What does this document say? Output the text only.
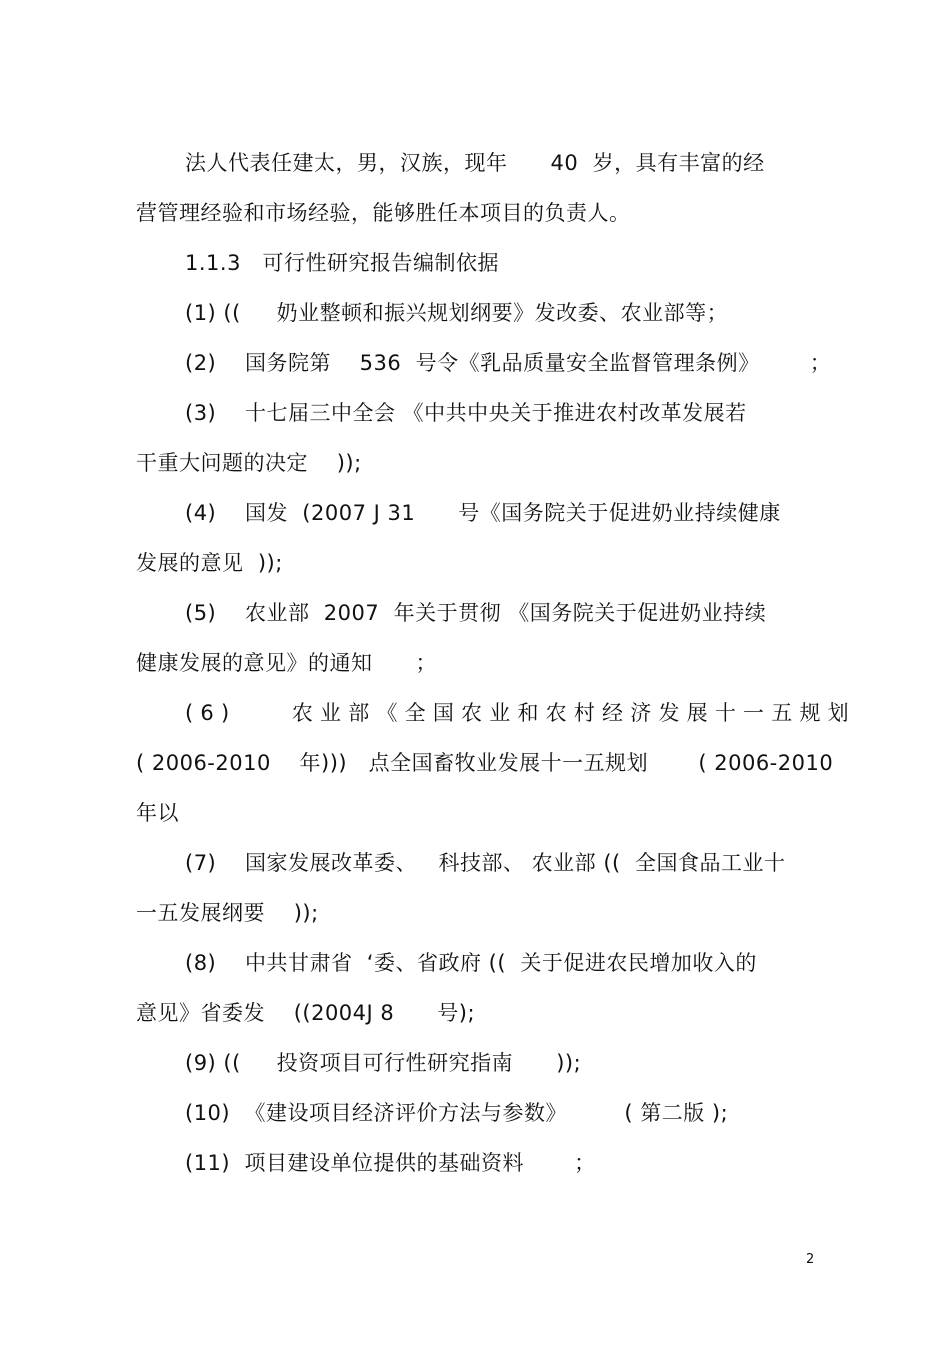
法人代表任建太，男，汉族，现年      40  岁，具有丰富的经
营管理经验和市场经验，能够胜任本项目的负责人。
1.1.3   可行性研究报告编制依据
(1) ((     奶业整顿和振兴规划纲要》发改委、农业部等；
(2)    国务院第    536  号令《乳品质量安全监督管理条例》       ；
(3)    十七届三中全会 《中共中央关于推进农村改革发展若
干重大问题的决定    ));
(4)    国发  (2007 J 31      号《国务院关于促进奶业持续健康
发展的意见  ));
(5)    农业部  2007  年关于贯彻 《国务院关于促进奶业持续
健康发展的意见》的通知      ；
(6)    农业部《全国农业和农村经济发展十一五规划
( 2006-2010    年)))   点全国畜牧业发展十一五规划       ( 2006-2010
年以
(7)    国家发展改革委、   科技部、 农业部 ((  全国食品工业十
一五发展纲要    ));
(8)    中共甘肃省  ‘委、省政府 ((  关于促进农民增加收入的
意见》省委发    ((2004J 8      号);
(9) ((     投资项目可行性研究指南      ));
(10)  《建设项目经济评价方法与参数》        ( 第二版 );
(11)  项目建设单位提供的基础资料       ；
2
